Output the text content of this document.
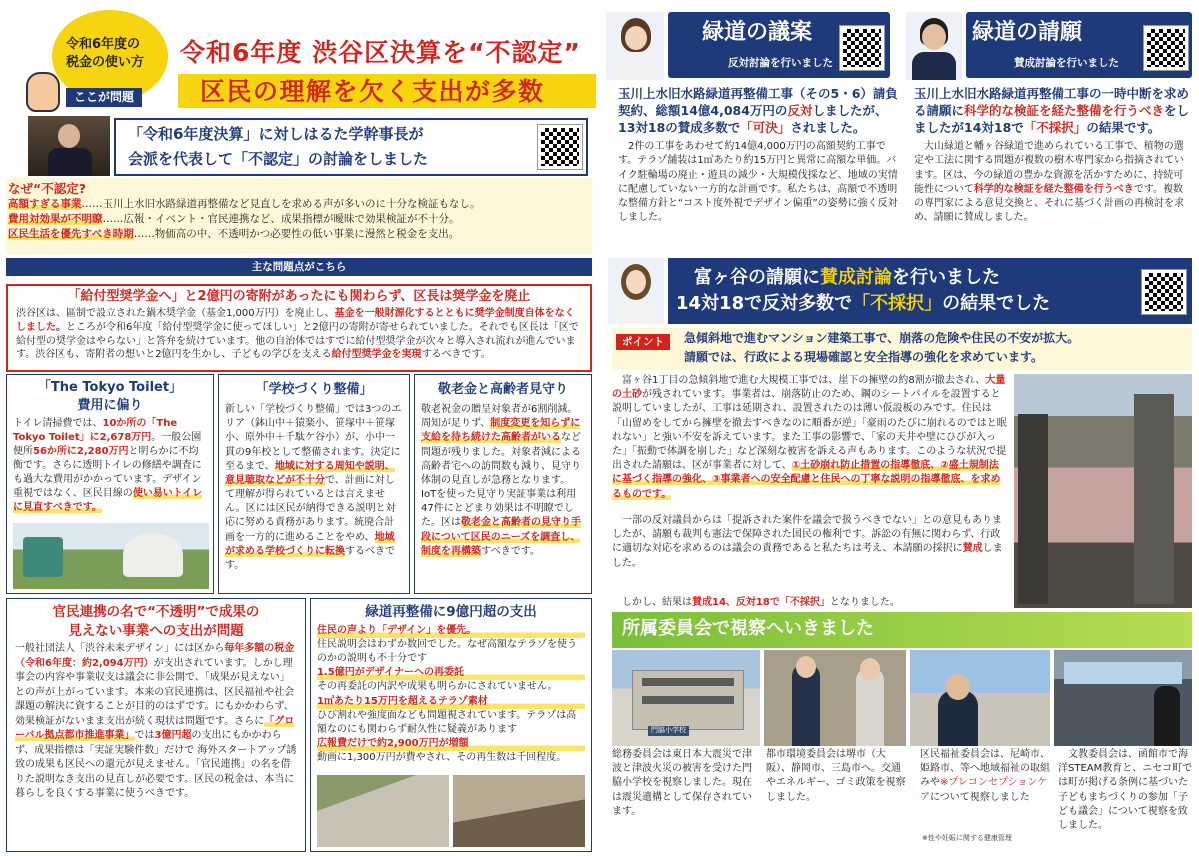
令和6年度の
税金の使い方
ここが問題
令和6年度 渋谷区決算を“不認定”
区民の理解を欠く支出が多数
「令和6年度決算」に対しはるた学幹事長が
会派を代表して「不認定」の討論をしました
なぜ“不認定?
高額すぎる事業……玉川上水旧水路緑道再整備など見直しを求める声が多いのに十分な検証もなし。
費用対効果が不明瞭……広報・イベント・官民連携など、成果指標が曖昧で効果検証が不十分。
区民生活を優先すべき時期……物価高の中、不透明かつ必要性の低い事業に漫然と税金を支出。
主な問題点がこちら
「給付型奨学金へ」と2億円の寄附があったにも関わらず、区長は奨学金を廃止
渋谷区は、區制で設立された鍋木奨学金（基金1,000万円）を廃止し、基金を一般財源化するとともに奨学金制度自体をなくしました。ところが令和6年度「給付型奨学金に使ってほしい」と2億円の寄附が寄せられていました。それでも区長は「区で給付型の奨学金はやらない」と答弁を続けています。他の自治体ではすでに給付型奨学金が次々と導入され流れが進んでいます。渋谷区も、寄附者の想いと2億円を生かし、子どもの学びを支える給付型奨学金を実現するべきです。
「The Tokyo Toilet」
費用に偏り
トイレ清掃費では、10か所の「The Tokyo Toilet」に2,678万円。一般公園便所56か所に2,280万円と明らかに不均衡です。さらに透明トイレの修繕や調査にも過大な費用がかかっています。デザイン重視ではなく、区民目線の使い易いトイレに見直すべきです。
「学校づくり整備」
新しい「学校づくり整備」では3つのエリア（鉢山中＋猿楽小、笹塚中＋笹塚小、原外中＋千駄ケ谷小）が、小中一貫の9年校として整備されます。決定に至るまで、地域に対する周知や説明、意見聴取などが不十分で、計画に対して理解が得られているとは言えません。区には区民が納得できる説明と対応に努める責務があります。統廃合計画を一方的に進めることをやめ、地域が求める学校づくりに転換するべきです。
敬老金と高齢者見守り
敬老祝金の贈呈対象者が6割削減。周知が足りず、制度変更を知らずに支給を待ち続けた高齢者がいるなど問題が残りました。対象者減による高齢者宅への訪問数も減り、見守り体制の見直しが急務となります。IoTを使った見守り実証事業は利用47件にとどまり効果は不明瞭でした。区は敬老金と高齢者の見守り手段について区民のニーズを調査し、制度を再構築すべきです。
官民連携の名で“不透明”で成果の
見えない事業への支出が問題
一般社団法人「渋谷未来デザイン」には区から毎年多額の税金（令和6年度：約2,094万円）が支出されています。しかし理事会の内容や事業収支は議会に非公開で、「成果が見えない」との声が上がっています。本来の官民連携は、区民福祉や社会課題の解決に資することが目的のはずです。にもかかわらず、効果検証がないまま支出が続く現状は問題です。さらに「グローバル拠点都市推進事業」では3億円超の支出にもかかわらず、成果指標は「実証実験件数」だけで 海外スタートアップ誘致の成果も区民への還元が見えません。「官民連携」の名を借りた説明なき支出の見直しが必要です。区民の税金は、本当に暮らしを良くする事業に使うべきです。
緑道再整備に9億円超の支出
住民の声より「デザイン」を優先。
住民説明会はわずか数回でした。なぜ高額なテラゾを使うのかの説明も不十分です
1.5億円がデザイナーへの再委託
その再委託の内訳や成果も明らかにされていません。
1㎡あたり15万円を超えるテラゾ素材
ひび割れや強度面なども問題視されています。テラゾは高額なのにも関わらず耐久性に疑義があります
広報費だけで約2,900万円が増額
動画に1,300万円が費やされ、その再生数は千回程度。
緑道の議案
反対討論を行いました
緑道の請願
賛成討論を行いました
玉川上水旧水路緑道再整備工事（その5・6）請負契約、総額14億4,084万円の反対しましたが、13対18の賛成多数で「可決」されました。
2件の工事をあわせて約14億4,000万円の高額契約工事です。テラゾ舗装は1㎡あたり約15万円と異常に高額な単価。バイク駐輪場の廃止・遊具の減少・大規模伐採など、地域の実情に配慮していない一方的な計画です。私たちは、高額で不透明な整備方針と“コスト度外視でデザイン偏重”の姿勢に強く反対しました。
玉川上水旧水路緑道再整備工事の一時中断を求める請願に科学的な検証を経た整備を行うべきをしましたが14対18で「不採択」の結果です。
大山緑道と幡ヶ谷緑道で進められている工事で、植物の選定や工法に関する問題が複数の樹木専門家から指摘されています。区は、今の緑道の豊かな資源を活かすために、持続可能性について科学的な検証を経た整備を行うべきです。複数の専門家による意見交換と、それに基づく計画の再検討を求め、請願に賛成しました。
富ヶ谷の請願に賛成討論を行いました
14対18で反対多数で「不採択」の結果でした
ポイント	急傾斜地で進むマンション建築工事で、崩落の危険や住民の不安が拡大。
請願では、行政による現場確認と安全指導の強化を求めています。
富ヶ谷1丁目の急傾斜地で進む大規模工事では、崖下の擁壁の約8割が撤去され、大量の土砂が残されています。事業者は、崩落防止のため、鋼のシートパイルを設置すると説明していましたが、工事は延期され、設置されたのは薄い仮設板のみです。住民は「山留めをしてから擁壁を撤去すべきなのに順番が逆」「豪雨のたびに崩れるのではと眠れない」と強い不安を訴えています。また工事の影響で、「家の天井や壁にひびが入った」「振動で体調を崩した」など深刻な被害を訴える声もあります。このような状況で提出された請願は、区が事業者に対して、①土砂崩れ防止措置の指導徹底、②盛土規制法に基づく指導の強化、③事業者への安全配慮と住民への丁寧な説明の指導徹底、を求めるものです。
一部の反対議員からは「提訴された案件を議会で扱うべきでない」との意見もありましたが、請願も裁判も憲法で保障された国民の権利です。訴訟の有無に関わらず、行政に適切な対応を求めるのは議会の責務であると私たちは考え、本請願の採択に賛成しました。
しかし、結果は賛成14、反対18で「不採択」となりました。
所属委員会で視察へいきました
門脇小学校
総務委員会は東日本大震災で津波と津波火災の被害を受けた門脇小学校を視察しました。現在は震災遺構として保存されています。
都市環境委員会は堺市（大阪）、静岡市、三島市へ。交通やエネルギー、ゴミ政策を視察しました。
区民福祉委員会は、尼崎市、姫路市、等へ地域福祉の取組みや※プレコンセプションケアについて視察しました
※性や妊娠に関する健康管理
文教委員会は、函館市で海洋STEAM教育と、ニセコ町では町が掲げる条例に基づいた子どもまちづくりの参加「子ども議会」について視察を致しました。
